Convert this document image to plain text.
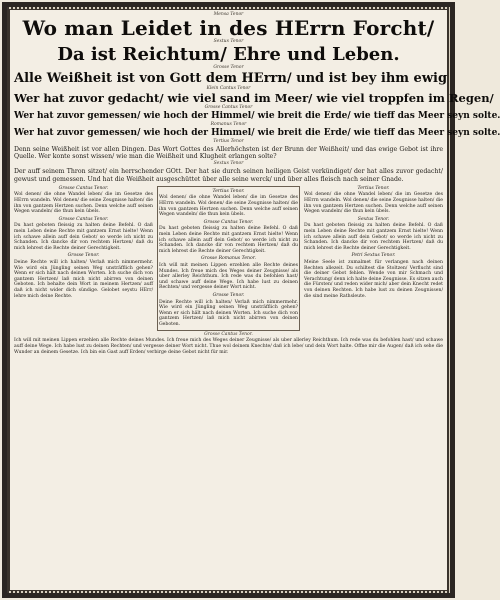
Mensa Tenor
Wo man Leidet in des HErrn Forcht/
Sextus Tenor
Da ist Reichtum/ Ehre und Leben.
Grosse Tenor
Alle Weißheit ist von Gott dem HErrn/ und ist bey ihm ewig
Klein Cantus Tenor
Wer hat zuvor gedacht/ wie viel sand im Meer/ wie viel troppfen im Regen/
Grosse Cantus Tenor
Wer hat zuvor gemessen/ wie hoch der Himmel/ wie breit die Erde/ wie tieff das Meer seyn solte.
Romanus Tenor
Wer hat zuvor gemessen/ wie hoch der Himmel/ wie breit die Erde/ wie tieff das Meer seyn solte.
Tertius Tenor

Denn seine Weißheit ist vor allen Dingen. Das Wort Gottes des Allerhöchsten ist der Brunn der Weißheit/ und das ewige Gebot ist ihre Quelle. Wer konte sonst wissen/ wie man die Weißheit und Klugheit erlangen solte?

Sextus Tenor

Der auff seinem Thron sitzet/ ein herrschender GOtt. Der hat sie durch seinen heiligen Geist verkündiget/ der hat alles zuvor gedacht/ gewust und gemessen. Und hat die Weißheit ausgeschüttet über alle seine werck/ und über alles fleisch nach seiner Gnade.

Grosse Cantus Tenor.

Wol denen/ die ohne Wandel leben/ die im Gesetze des HErrn wandeln. Wol denen/ die seine Zeugnisse halten/ die ihn von gantzem Hertzen suchen. Denn welche auff seinen Wegen wandeln/ die thun kein übels.

Grosse Cantus Tenor.

Du hast geboten fleissig zu halten deine Befehl. O daß mein Leben deine Rechte mit gantzem Ernst hielte! Wenn ich schawe allein auff dein Gebot/ so werde ich nicht zu Schanden. Ich dancke dir von rechtem Hertzen/ daß du mich lehrest die Rechte deiner Gerechtigkeit.

Grosse Tenor.

Deine Rechte will ich halten/ Verlaß mich nimmermehr. Wie wird ein Jüngling seinen Weg unsträfflich gehen? Wenn er sich hält nach deinen Worten. Ich suche dich von gantzem Hertzen/ laß mich nicht abirren von deinen Geboten. Ich behalte dein Wort in meinem Hertzen/ auff daß ich nicht wider dich sündige. Gelobet seystu HErr/ lehre mich deine Rechte.

Tertius Tenor.

Wol denen/ die ohne Wandel leben/ die im Gesetze des HErrn wandeln. Wol denen/ die seine Zeugnisse halten/ die ihn von gantzem Hertzen suchen. Denn welche auff seinen Wegen wandeln/ die thun kein übels.

Grosse Cantus Tenor.

Du hast geboten fleissig zu halten deine Befehl. O daß mein Leben deine Rechte mit gantzem Ernst hielte! Wenn ich schawe allein auff dein Gebot/ so werde ich nicht zu Schanden. Ich dancke dir von rechtem Hertzen/ daß du mich lehrest die Rechte deiner Gerechtigkeit.

Grosse Romanus Tenor.

Ich will mit meinen Lippen erzehlen alle Rechte deines Mundes. Ich freue mich des Weges deiner Zeugnisse/ als uber allerley Reichthum. Ich rede was du befohlen hast/ und schawe auff deine Wege. Ich habe lust zu deinen Rechten/ und vergesse deiner Wort nicht.

Grosse Tenor.

Deine Rechte will ich halten/ Verlaß mich nimmermehr. Wie wird ein Jüngling seinen Weg unsträfflich gehen? Wenn er sich hält nach deinen Worten. Ich suche dich von gantzem Hertzen/ laß mich nicht abirren von deinen Geboten.

Tertius Tenor.

Wol denen/ die ohne Wandel leben/ die im Gesetze des HErrn wandeln. Wol denen/ die seine Zeugnisse halten/ die ihn von gantzem Hertzen suchen. Denn welche auff seinen Wegen wandeln/ die thun kein übels.

Sextus Tenor.

Du hast geboten fleissig zu halten deine Befehl. O daß mein Leben deine Rechte mit gantzem Ernst hielte! Wenn ich schawe allein auff dein Gebot/ so werde ich nicht zu Schanden. Ich dancke dir von rechtem Hertzen/ daß du mich lehrest die Rechte deiner Gerechtigkeit.

Petri Sextus Tenor.

Meine Seele ist zumalmet für verlangen nach deinen Rechten allezeit. Du schiltest die Stoltzen/ Verflucht sind die deiner Gebot fehlen. Wende von mir Schmach und Verachtung/ denn ich halte deine Zeugnisse. Es sitzen auch die Fürsten/ und reden wider mich/ aber dein Knecht redet von deinen Rechten. Ich habe lust zu deinen Zeugnissen/ die sind meine Rathsleute.

Grosse Cantus Tenor.

Ich will mit meinen Lippen erzehlen alle Rechte deines Mundes. Ich freue mich des Weges deiner Zeugnisse/ als uber allerley Reichthum. Ich rede was du befohlen hast/ und schawe auff deine Wege. Ich habe lust zu deinen Rechten/ und vergesse deiner Wort nicht. Thue wol deinem Knechte/ daß ich lebe/ und dein Wort halte. Offne mir die Augen/ daß ich sehe die Wunder an deinem Gesetze. Ich bin ein Gast auff Erden/ verbirge deine Gebot nicht für mir.
